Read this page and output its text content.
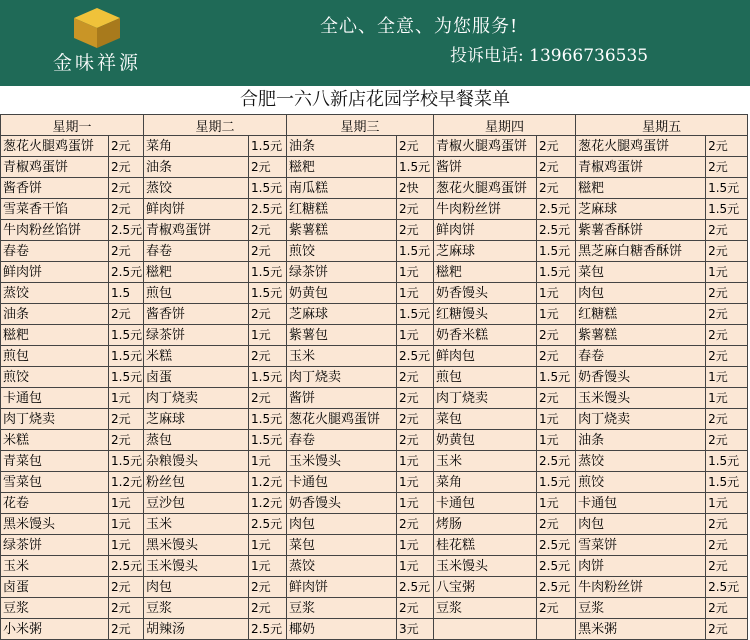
金味祥源
全心、全意、为您服务!
投诉电话: 13966736535
合肥一六八新店花园学校早餐菜单
星期一		星期二		星期三		星期四		星期五	
葱花火腿鸡蛋饼	2元	菜角	1.5元	油条	2元	青椒火腿鸡蛋饼	2元	葱花火腿鸡蛋饼	2元
青椒鸡蛋饼	2元	油条	2元	糍粑	1.5元	酱饼	2元	青椒鸡蛋饼	2元
酱香饼	2元	蒸饺	1.5元	南瓜糕	2快	葱花火腿鸡蛋饼	2元	糍粑	1.5元
雪菜香干馅	2元	鲜肉饼	2.5元	红糖糕	2元	牛肉粉丝饼	2.5元	芝麻球	1.5元
牛肉粉丝馅饼	2.5元	青椒鸡蛋饼	2元	紫薯糕	2元	鲜肉饼	2.5元	紫薯香酥饼	2元
春卷	2元	春卷	2元	煎饺	1.5元	芝麻球	1.5元	黑芝麻白糖香酥饼	2元
鲜肉饼	2.5元	糍粑	1.5元	绿茶饼	1元	糍粑	1.5元	菜包	1元
蒸饺	1.5	煎包	1.5元	奶黄包	1元	奶香馒头	1元	肉包	2元
油条	2元	酱香饼	2元	芝麻球	1.5元	红糖馒头	1元	红糖糕	2元
糍粑	1.5元	绿茶饼	1元	紫薯包	1元	奶香米糕	2元	紫薯糕	2元
煎包	1.5元	米糕	2元	玉米	2.5元	鲜肉包	2元	春卷	2元
煎饺	1.5元	卤蛋	1.5元	肉丁烧卖	2元	煎包	1.5元	奶香馒头	1元
卡通包	1元	肉丁烧卖	2元	酱饼	2元	肉丁烧卖	2元	玉米馒头	1元
肉丁烧卖	2元	芝麻球	1.5元	葱花火腿鸡蛋饼	2元	菜包	1元	肉丁烧卖	2元
米糕	2元	蒸包	1.5元	春卷	2元	奶黄包	1元	油条	2元
青菜包	1.5元	杂粮馒头	1元	玉米馒头	1元	玉米	2.5元	蒸饺	1.5元
雪菜包	1.2元	粉丝包	1.2元	卡通包	1元	菜角	1.5元	煎饺	1.5元
花卷	1元	豆沙包	1.2元	奶香馒头	1元	卡通包	1元	卡通包	1元
黑米馒头	1元	玉米	2.5元	肉包	2元	烤肠	2元	肉包	2元
绿茶饼	1元	黑米馒头	1元	菜包	1元	桂花糕	2.5元	雪菜饼	2元
玉米	2.5元	玉米馒头	1元	蒸饺	1元	玉米馒头	2.5元	肉饼	2元
卤蛋	2元	肉包	2元	鲜肉饼	2.5元	八宝粥	2.5元	牛肉粉丝饼	2.5元
豆浆	2元	豆浆	2元	豆浆	2元	豆浆	2元	豆浆	2元
小米粥	2元	胡辣汤	2.5元	椰奶	3元			黑米粥	2元
